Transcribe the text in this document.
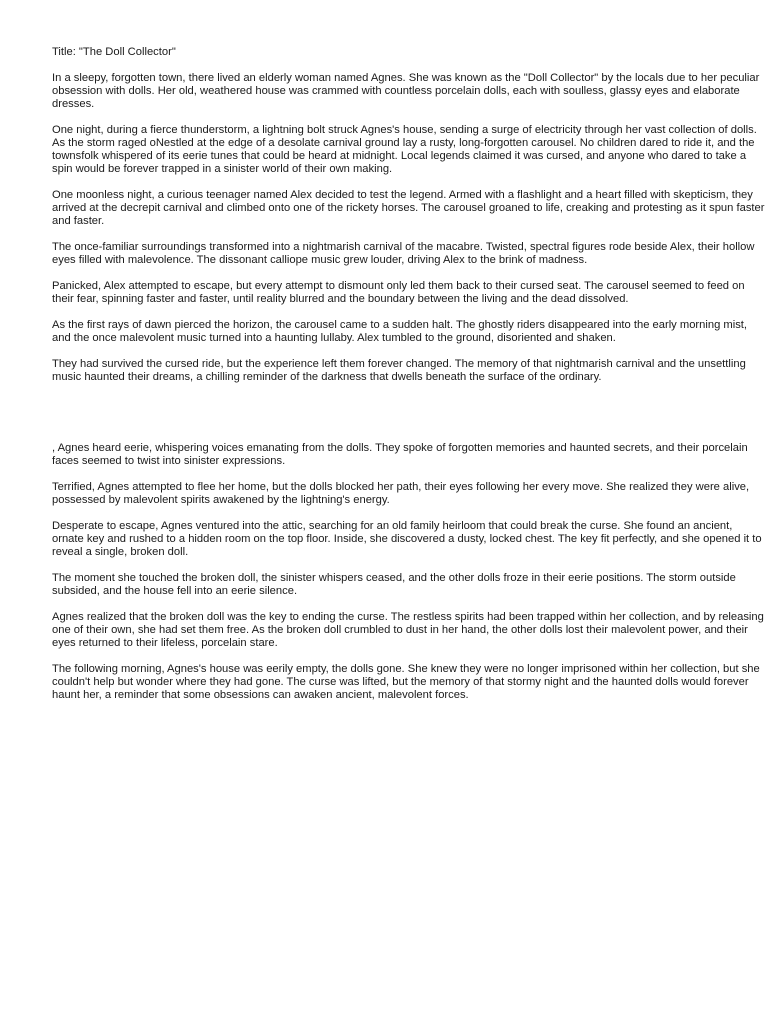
Title: "The Doll Collector"
In a sleepy, forgotten town, there lived an elderly woman named Agnes. She was known as the "Doll Collector" by the locals due to her peculiar obsession with dolls. Her old, weathered house was crammed with countless porcelain dolls, each with soulless, glassy eyes and elaborate dresses.
One night, during a fierce thunderstorm, a lightning bolt struck Agnes's house, sending a surge of electricity through her vast collection of dolls. As the storm raged oNestled at the edge of a desolate carnival ground lay a rusty, long-forgotten carousel. No children dared to ride it, and the townsfolk whispered of its eerie tunes that could be heard at midnight. Local legends claimed it was cursed, and anyone who dared to take a spin would be forever trapped in a sinister world of their own making.
One moonless night, a curious teenager named Alex decided to test the legend. Armed with a flashlight and a heart filled with skepticism, they arrived at the decrepit carnival and climbed onto one of the rickety horses. The carousel groaned to life, creaking and protesting as it spun faster and faster.
The once-familiar surroundings transformed into a nightmarish carnival of the macabre. Twisted, spectral figures rode beside Alex, their hollow eyes filled with malevolence. The dissonant calliope music grew louder, driving Alex to the brink of madness.
Panicked, Alex attempted to escape, but every attempt to dismount only led them back to their cursed seat. The carousel seemed to feed on their fear, spinning faster and faster, until reality blurred and the boundary between the living and the dead dissolved.
As the first rays of dawn pierced the horizon, the carousel came to a sudden halt. The ghostly riders disappeared into the early morning mist, and the once malevolent music turned into a haunting lullaby. Alex tumbled to the ground, disoriented and shaken.
They had survived the cursed ride, but the experience left them forever changed. The memory of that nightmarish carnival and the unsettling music haunted their dreams, a chilling reminder of the darkness that dwells beneath the surface of the ordinary.
, Agnes heard eerie, whispering voices emanating from the dolls. They spoke of forgotten memories and haunted secrets, and their porcelain faces seemed to twist into sinister expressions.
Terrified, Agnes attempted to flee her home, but the dolls blocked her path, their eyes following her every move. She realized they were alive, possessed by malevolent spirits awakened by the lightning's energy.
Desperate to escape, Agnes ventured into the attic, searching for an old family heirloom that could break the curse. She found an ancient, ornate key and rushed to a hidden room on the top floor. Inside, she discovered a dusty, locked chest. The key fit perfectly, and she opened it to reveal a single, broken doll.
The moment she touched the broken doll, the sinister whispers ceased, and the other dolls froze in their eerie positions. The storm outside subsided, and the house fell into an eerie silence.
Agnes realized that the broken doll was the key to ending the curse. The restless spirits had been trapped within her collection, and by releasing one of their own, she had set them free. As the broken doll crumbled to dust in her hand, the other dolls lost their malevolent power, and their eyes returned to their lifeless, porcelain stare.
The following morning, Agnes's house was eerily empty, the dolls gone. She knew they were no longer imprisoned within her collection, but she couldn't help but wonder where they had gone. The curse was lifted, but the memory of that stormy night and the haunted dolls would forever haunt her, a reminder that some obsessions can awaken ancient, malevolent forces.
